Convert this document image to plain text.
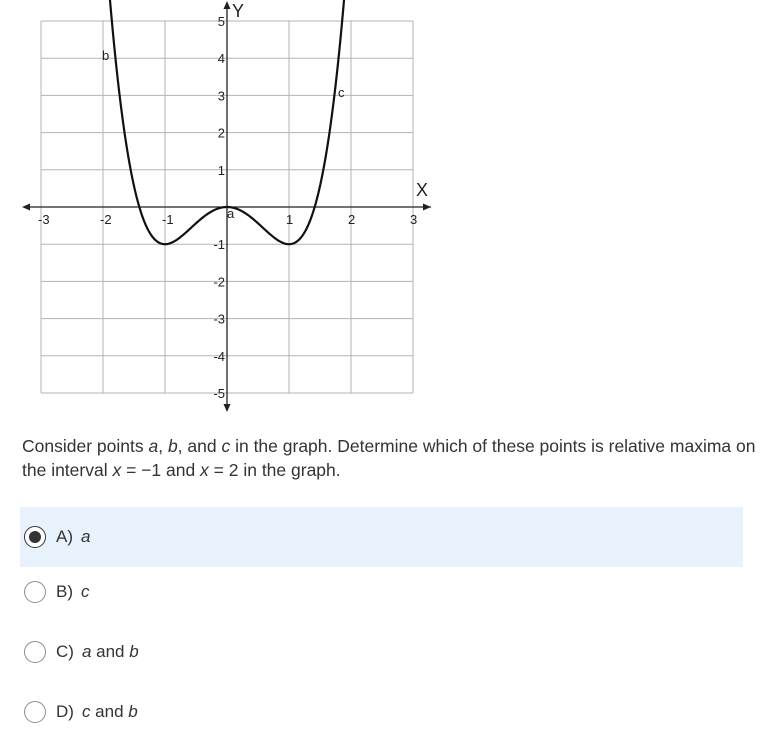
-3	-2	-1	1	2	3
5
4
3
2
1
-1
-2
-3
-4
-5
X
Y
a
b
c
Consider points a, b, and c in the graph. Determine which of these points is relative maxima on the interval x = −1 and x = 2 in the graph.
A) a
B) c
C) a and b
D) c and b
